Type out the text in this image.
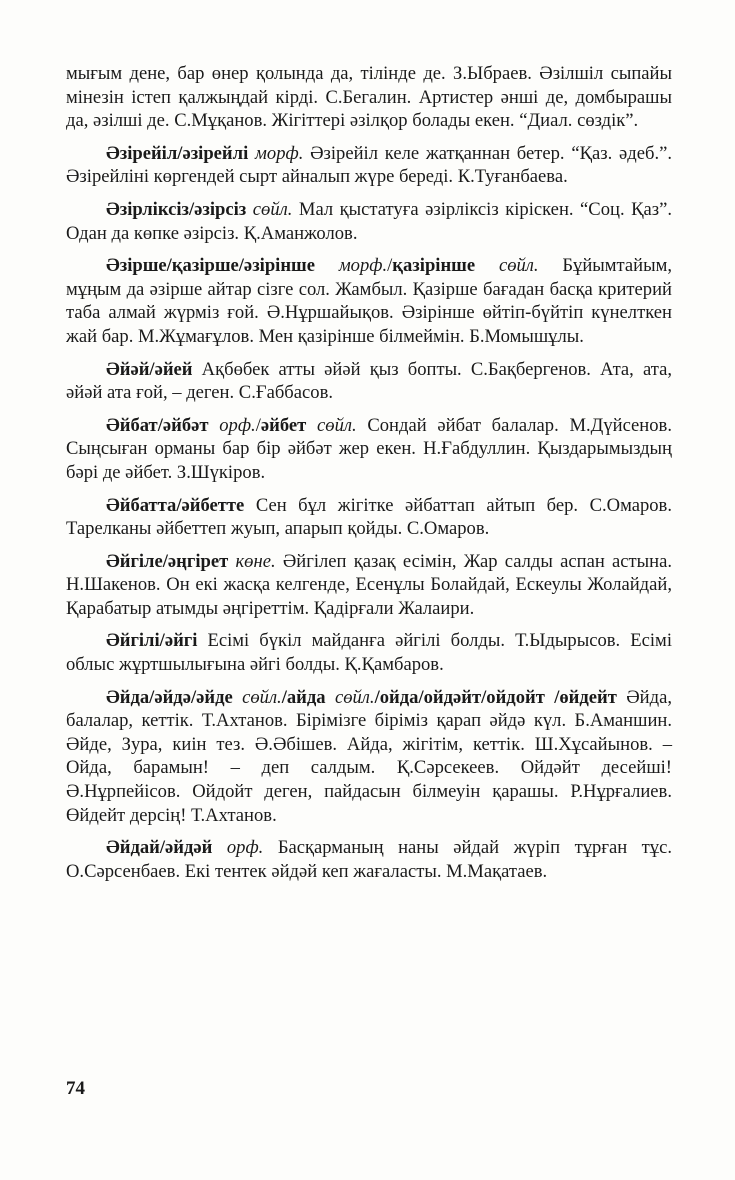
мығым дене, бар өнер қолында да, тілінде де. З.Ыбраев. Әзілшіл сыпайы мінезін істеп қалжыңдай кірді. С.Бегалин. Артистер әнші де, домбырашы да, әзілші де. С.Мұқанов. Жігіттері әзілқор болады екен. “Диал. сөздік”.

Әзірейіл/әзірейлі морф. Әзірейіл келе жатқаннан бетер. “Қаз. әдеб.”. Әзірейліні көргендей сырт айналып жүре береді. К.Туғанбаева.

Әзірліксіз/әзірсіз сөйл. Мал қыстатуға әзірліксіз кіріскен. “Соц. Қаз”. Одан да көпке әзірсіз. Қ.Аманжолов.

Әзірше/қазірше/әзірінше морф./қазірінше сөйл. Бұйымтайым, мұңым да әзірше айтар сізге сол. Жамбыл. Қазірше бағадан басқа критерий таба алмай жүрміз ғой. Ә.Нұршайықов. Әзірінше өйтіп-бүйтіп күнелткен жай бар. М.Жұмағұлов. Мен қазірінше білмеймін. Б.Момышұлы.

Әйәй/әйей Ақбөбек атты әйәй қыз бопты. С.Бақбергенов. Ата, ата, әйәй ата ғой, – деген. С.Ғаббасов.

Әйбат/әйбәт орф./әйбет сөйл. Сондай әйбат балалар. М.Дүйсенов. Сыңсыған орманы бар бір әйбәт жер екен. Н.Ғабдуллин. Қыздарымыздың бәрі де әйбет. З.Шүкіров.

Әйбатта/әйбетте Сен бұл жігітке әйбаттап айтып бер. С.Омаров. Тарелканы әйбеттеп жуып, апарып қойды. С.Омаров.

Әйгіле/әңгірет көне. Әйгілеп қазақ есімін, Жар салды аспан астына. Н.Шакенов. Он екі жасқа келгенде, Есенұлы Болайдай, Ескеулы Жолайдай, Қарабатыр атымды әңгіреттім. Қадірғали Жалаири.

Әйгілі/әйгі Есімі бүкіл майданға әйгілі болды. Т.Ыдырысов. Есімі облыс жұртшылығына әйгі болды. Қ.Қамбаров.

Әйда/әйдә/әйде сөйл./айда сөйл./ойда/ойдәйт/ойдойт /өйдейт Әйда, балалар, кеттік. Т.Ахтанов. Бірімізге біріміз қарап әйдә күл. Б.Аманшин. Әйде, Зура, киін тез. Ә.Әбішев. Айда, жігітім, кеттік. Ш.Хұсайынов. – Ойда, барамын! – деп салдым. Қ.Сәрсекеев. Ойдәйт десейші! Ә.Нұрпейісов. Ойдойт деген, пайдасын білмеуін қарашы. Р.Нұрғалиев. Өйдейт дерсің! Т.Ахтанов.

Әйдай/әйдәй орф. Басқарманың наны әйдай жүріп тұрған тұс. О.Сәрсенбаев. Екі тентек әйдәй кеп жағаласты. М.Мақатаев.

74
